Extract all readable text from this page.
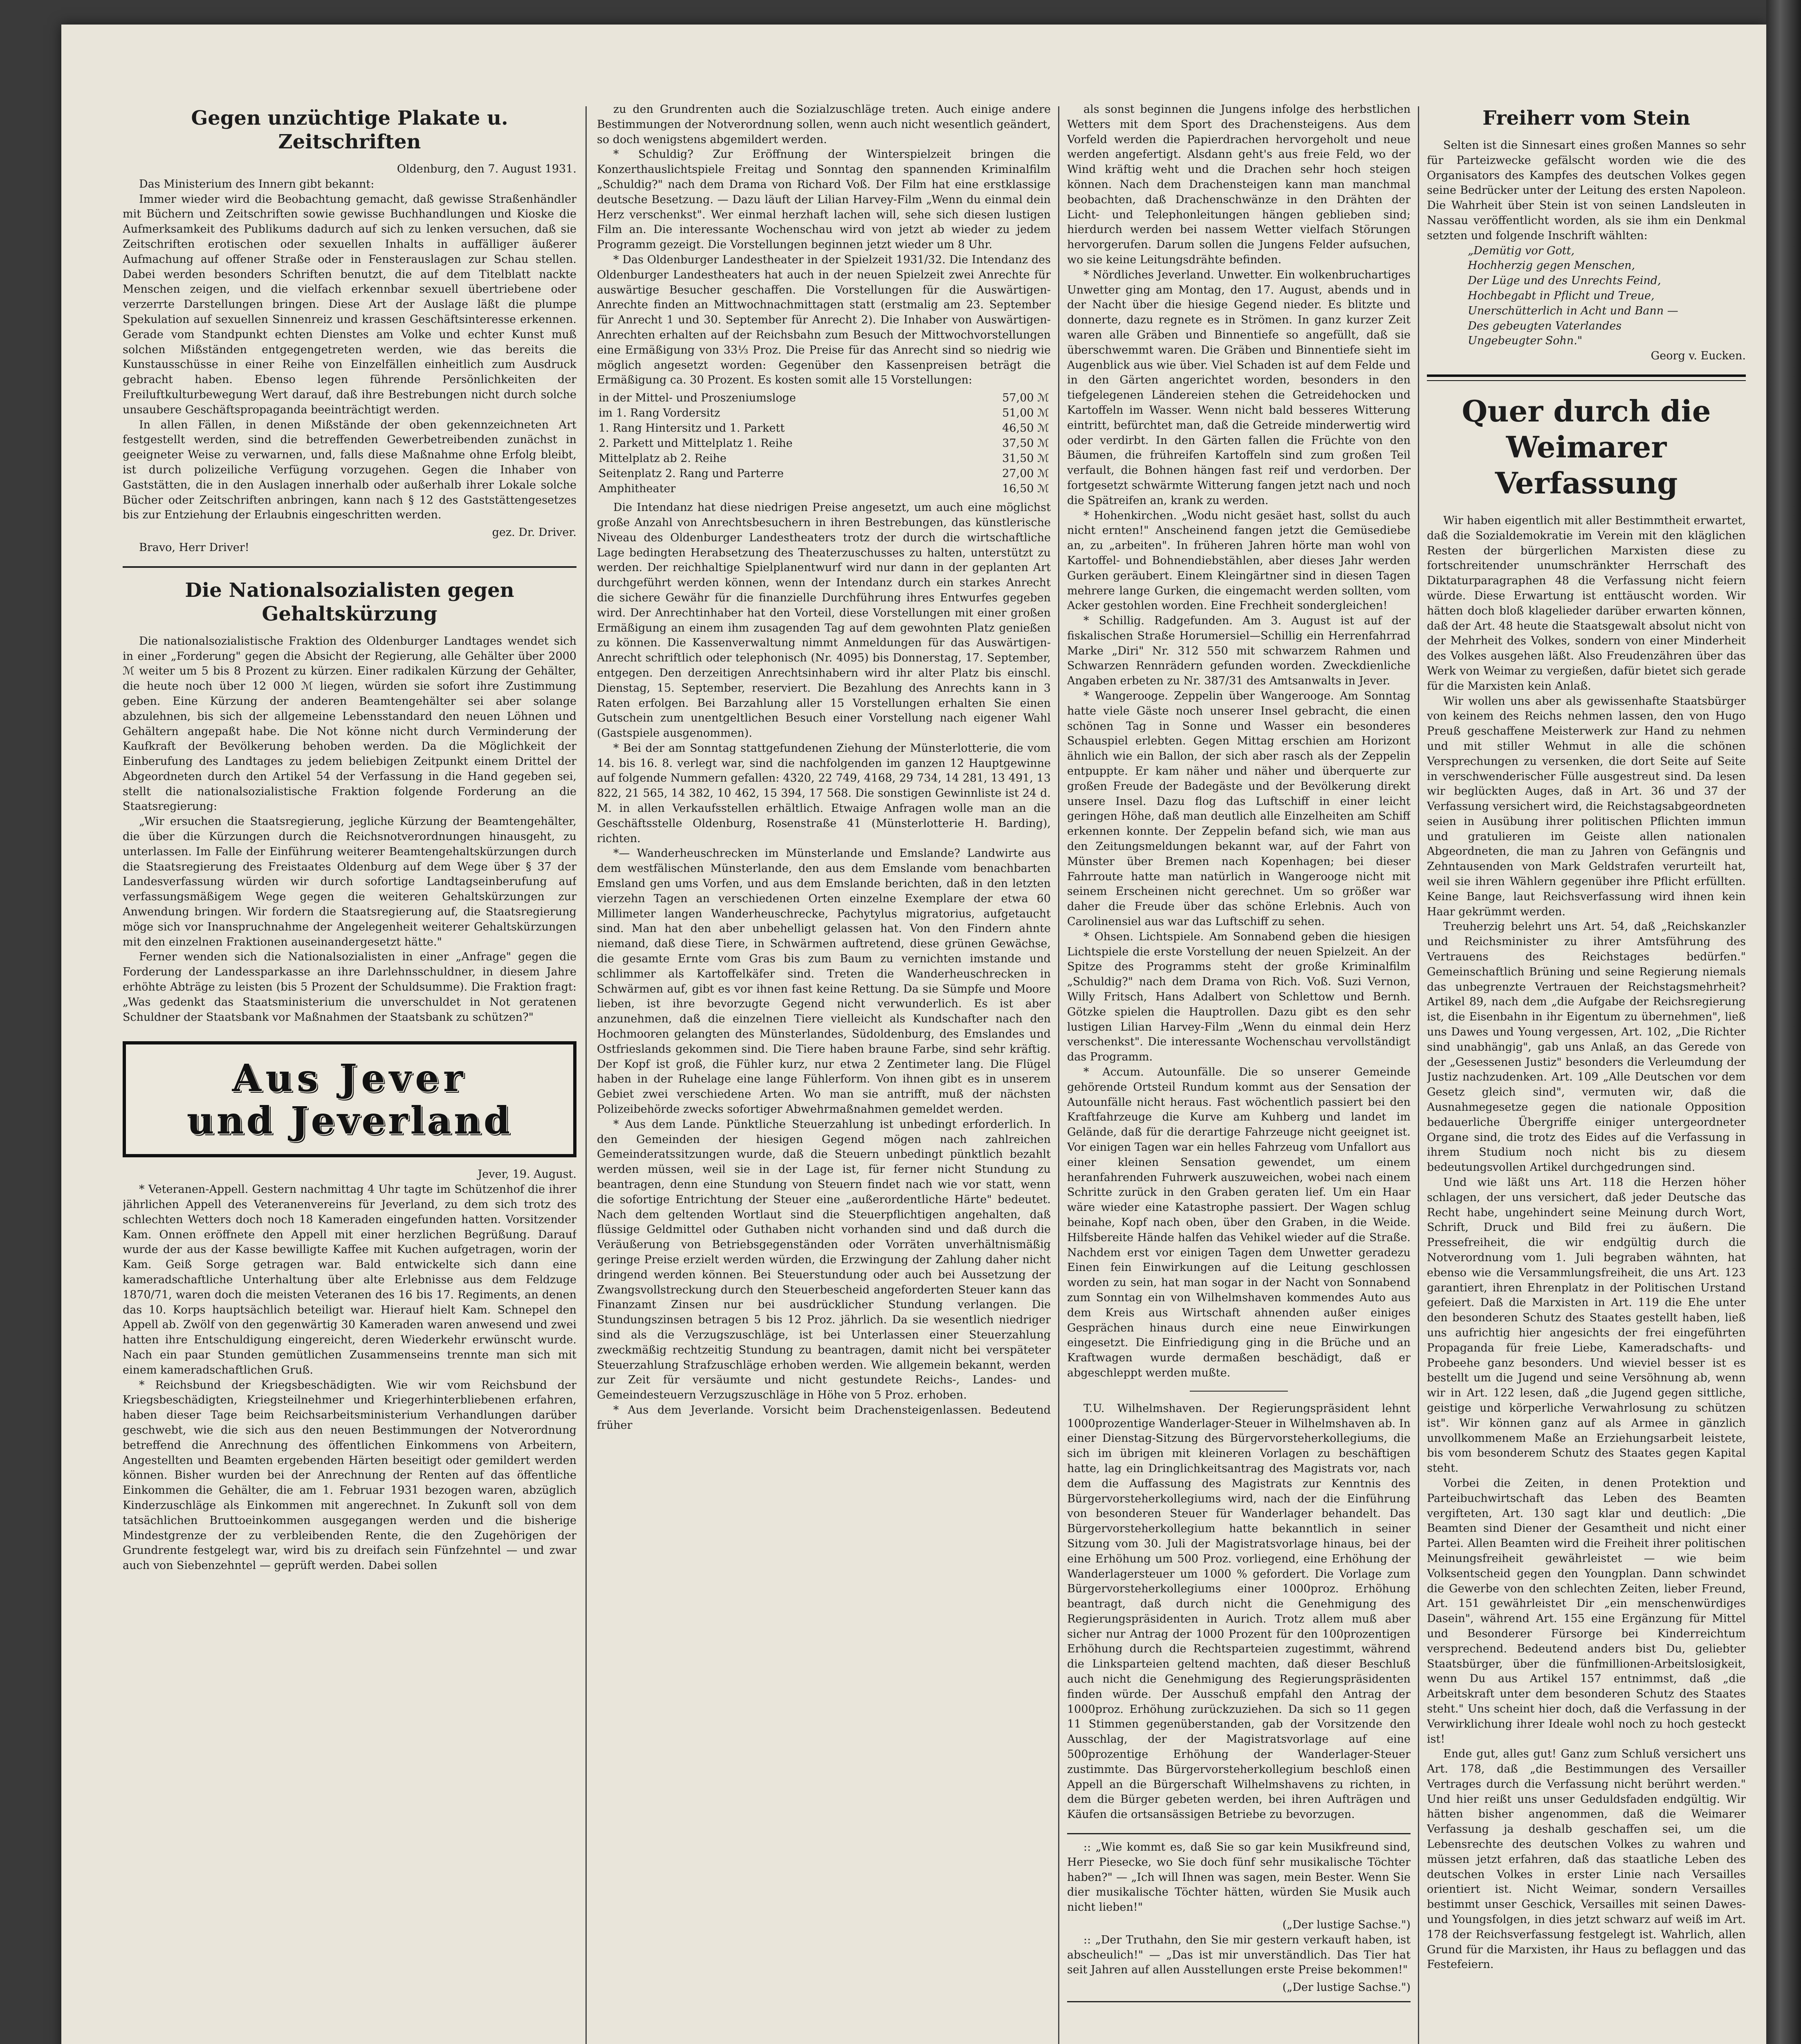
Gegen unzüchtige Plakate u. Zeitschriften

Oldenburg, den 7. August 1931.

Das Ministerium des Innern gibt bekannt:

Immer wieder wird die Beobachtung gemacht, daß gewisse Straßenhändler mit Büchern und Zeitschriften sowie gewisse Buchhandlungen und Kioske die Aufmerksamkeit des Publikums dadurch auf sich zu lenken versuchen, daß sie Zeitschriften erotischen oder sexuellen Inhalts in auffälliger äußerer Aufmachung auf offener Straße oder in Fensterauslagen zur Schau stellen. Dabei werden besonders Schriften benutzt, die auf dem Titelblatt nackte Menschen zeigen, und die vielfach erkennbar sexuell übertriebene oder verzerrte Darstellungen bringen. Diese Art der Auslage läßt die plumpe Spekulation auf sexuellen Sinnenreiz und krassen Geschäftsinteresse erkennen. Gerade vom Standpunkt echten Dienstes am Volke und echter Kunst muß solchen Mißständen entgegengetreten werden, wie das bereits die Kunstausschüsse in einer Reihe von Einzelfällen einheitlich zum Ausdruck gebracht haben. Ebenso legen führende Persönlichkeiten der Freiluftkulturbewegung Wert darauf, daß ihre Bestrebungen nicht durch solche unsaubere Geschäftspropaganda beeinträchtigt werden.

In allen Fällen, in denen Mißstände der oben gekennzeichneten Art festgestellt werden, sind die betreffenden Gewerbetreibenden zunächst in geeigneter Weise zu verwarnen, und, falls diese Maßnahme ohne Erfolg bleibt, ist durch polizeiliche Verfügung vorzugehen. Gegen die Inhaber von Gaststätten, die in den Auslagen innerhalb oder außerhalb ihrer Lokale solche Bücher oder Zeitschriften anbringen, kann nach § 12 des Gaststättengesetzes bis zur Entziehung der Erlaubnis eingeschritten werden.

gez. Dr. Driver.

Bravo, Herr Driver!

Die Nationalsozialisten gegen Gehaltskürzung

Die nationalsozialistische Fraktion des Oldenburger Landtages wendet sich in einer „Forderung" gegen die Absicht der Regierung, alle Gehälter über 2000 ℳ weiter um 5 bis 8 Prozent zu kürzen. Einer radikalen Kürzung der Gehälter, die heute noch über 12 000 ℳ liegen, würden sie sofort ihre Zustimmung geben. Eine Kürzung der anderen Beamtengehälter sei aber solange abzulehnen, bis sich der allgemeine Lebensstandard den neuen Löhnen und Gehältern angepaßt habe. Die Not könne nicht durch Verminderung der Kaufkraft der Bevölkerung behoben werden. Da die Möglichkeit der Einberufung des Landtages zu jedem beliebigen Zeitpunkt einem Drittel der Abgeordneten durch den Artikel 54 der Verfassung in die Hand gegeben sei, stellt die nationalsozialistische Fraktion folgende Forderung an die Staatsregierung:

„Wir ersuchen die Staatsregierung, jegliche Kürzung der Beamtengehälter, die über die Kürzungen durch die Reichsnotverordnungen hinausgeht, zu unterlassen. Im Falle der Einführung weiterer Beamtengehaltskürzungen durch die Staatsregierung des Freistaates Oldenburg auf dem Wege über § 37 der Landesverfassung würden wir durch sofortige Landtagseinberufung auf verfassungsmäßigem Wege gegen die weiteren Gehaltskürzungen zur Anwendung bringen. Wir fordern die Staatsregierung auf, die Staatsregierung möge sich vor Inanspruchnahme der Angelegenheit weiterer Gehaltskürzungen mit den einzelnen Fraktionen auseinandergesetzt hätte."

Ferner wenden sich die Nationalsozialisten in einer „Anfrage" gegen die Forderung der Landessparkasse an ihre Darlehnsschuldner, in diesem Jahre erhöhte Abträge zu leisten (bis 5 Prozent der Schuldsumme). Die Fraktion fragt: „Was gedenkt das Staatsministerium die unverschuldet in Not geratenen Schuldner der Staatsbank vor Maßnahmen der Staatsbank zu schützen?"

Aus Jever
und Jeverland

Jever, 19. August.

* Veteranen-Appell. Gestern nachmittag 4 Uhr tagte im Schützenhof die ihrer jährlichen Appell des Veteranenvereins für Jeverland, zu dem sich trotz des schlechten Wetters doch noch 18 Kameraden eingefunden hatten. Vorsitzender Kam. Onnen eröffnete den Appell mit einer herzlichen Begrüßung. Darauf wurde der aus der Kasse bewilligte Kaffee mit Kuchen aufgetragen, worin der Kam. Geiß Sorge getragen war. Bald entwickelte sich dann eine kameradschaftliche Unterhaltung über alte Erlebnisse aus dem Feldzuge 1870/71, waren doch die meisten Veteranen des 16 bis 17. Regiments, an denen das 10. Korps hauptsächlich beteiligt war. Hierauf hielt Kam. Schnepel den Appell ab. Zwölf von den gegenwärtig 30 Kameraden waren anwesend und zwei hatten ihre Entschuldigung eingereicht, deren Wiederkehr erwünscht wurde. Nach ein paar Stunden gemütlichen Zusammenseins trennte man sich mit einem kameradschaftlichen Gruß.

* Reichsbund der Kriegsbeschädigten. Wie wir vom Reichsbund der Kriegsbeschädigten, Kriegsteilnehmer und Kriegerhinterbliebenen erfahren, haben dieser Tage beim Reichsarbeitsministerium Verhandlungen darüber geschwebt, wie die sich aus den neuen Bestimmungen der Notverordnung betreffend die Anrechnung des öffentlichen Einkommens von Arbeitern, Angestellten und Beamten ergebenden Härten beseitigt oder gemildert werden können. Bisher wurden bei der Anrechnung der Renten auf das öffentliche Einkommen die Gehälter, die am 1. Februar 1931 bezogen waren, abzüglich Kinderzuschläge als Einkommen mit angerechnet. In Zukunft soll von dem tatsächlichen Bruttoeinkommen ausgegangen werden und die bisherige Mindestgrenze der zu verbleibenden Rente, die den Zugehörigen der Grundrente festgelegt war, wird bis zu dreifach sein Fünfzehntel — und zwar auch von Siebenzehntel — geprüft werden. Dabei sollen

zu den Grundrenten auch die Sozialzuschläge treten. Auch einige andere Bestimmungen der Notverordnung sollen, wenn auch nicht wesentlich geändert, so doch wenigstens abgemildert werden.

* Schuldig? Zur Eröffnung der Winterspielzeit bringen die Konzerthauslichtspiele Freitag und Sonntag den spannenden Kriminalfilm „Schuldig?" nach dem Drama von Richard Voß. Der Film hat eine erstklassige deutsche Besetzung. — Dazu läuft der Lilian Harvey-Film „Wenn du einmal dein Herz verschenkst". Wer einmal herzhaft lachen will, sehe sich diesen lustigen Film an. Die interessante Wochenschau wird von jetzt ab wieder zu jedem Programm gezeigt. Die Vorstellungen beginnen jetzt wieder um 8 Uhr.

* Das Oldenburger Landestheater in der Spielzeit 1931/32. Die Intendanz des Oldenburger Landestheaters hat auch in der neuen Spielzeit zwei Anrechte für auswärtige Besucher geschaffen. Die Vorstellungen für die Auswärtigen-Anrechte finden an Mittwochnachmittagen statt (erstmalig am 23. September für Anrecht 1 und 30. September für Anrecht 2). Die Inhaber von Auswärtigen-Anrechten erhalten auf der Reichsbahn zum Besuch der Mittwochvorstellungen eine Ermäßigung von 33⅓ Proz. Die Preise für das Anrecht sind so niedrig wie möglich angesetzt worden: Gegenüber den Kassenpreisen beträgt die Ermäßigung ca. 30 Prozent. Es kosten somit alle 15 Vorstellungen:

in der Mittel- und Proszeniumsloge	57,00 ℳ
im 1. Rang Vordersitz	51,00 ℳ
1. Rang Hintersitz und 1. Parkett	46,50 ℳ
2. Parkett und Mittelplatz 1. Reihe	37,50 ℳ
Mittelplatz ab 2. Reihe	31,50 ℳ
Seitenplatz 2. Rang und Parterre	27,00 ℳ
Amphitheater	16,50 ℳ

Die Intendanz hat diese niedrigen Preise angesetzt, um auch eine möglichst große Anzahl von Anrechtsbesuchern in ihren Bestrebungen, das künstlerische Niveau des Oldenburger Landestheaters trotz der durch die wirtschaftliche Lage bedingten Herabsetzung des Theaterzuschusses zu halten, unterstützt zu werden. Der reichhaltige Spielplanentwurf wird nur dann in der geplanten Art durchgeführt werden können, wenn der Intendanz durch ein starkes Anrecht die sichere Gewähr für die finanzielle Durchführung ihres Entwurfes gegeben wird. Der Anrechtinhaber hat den Vorteil, diese Vorstellungen mit einer großen Ermäßigung an einem ihm zusagenden Tag auf dem gewohnten Platz genießen zu können. Die Kassenverwaltung nimmt Anmeldungen für das Auswärtigen-Anrecht schriftlich oder telephonisch (Nr. 4095) bis Donnerstag, 17. September, entgegen. Den derzeitigen Anrechtsinhabern wird ihr alter Platz bis einschl. Dienstag, 15. September, reserviert. Die Bezahlung des Anrechts kann in 3 Raten erfolgen. Bei Barzahlung aller 15 Vorstellungen erhalten Sie einen Gutschein zum unentgeltlichen Besuch einer Vorstellung nach eigener Wahl (Gastspiele ausgenommen).

* Bei der am Sonntag stattgefundenen Ziehung der Münsterlotterie, die vom 14. bis 16. 8. verlegt war, sind die nachfolgenden im ganzen 12 Hauptgewinne auf folgende Nummern gefallen: 4320, 22 749, 4168, 29 734, 14 281, 13 491, 13 822, 21 565, 14 382, 10 462, 15 394, 17 568. Die sonstigen Gewinnliste ist 24 d. M. in allen Verkaufsstellen erhältlich. Etwaige Anfragen wolle man an die Geschäftsstelle Oldenburg, Rosenstraße 41 (Münsterlotterie H. Barding), richten.

*— Wanderheuschrecken im Münsterlande und Emslande? Landwirte aus dem westfälischen Münsterlande, den aus dem Emslande vom benachbarten Emsland gen ums Vorfen, und aus dem Emslande berichten, daß in den letzten vierzehn Tagen an verschiedenen Orten einzelne Exemplare der etwa 60 Millimeter langen Wanderheuschrecke, Pachytylus migratorius, aufgetaucht sind. Man hat den aber unbehelligt gelassen hat. Von den Findern ahnte niemand, daß diese Tiere, in Schwärmen auftretend, diese grünen Gewächse, die gesamte Ernte vom Gras bis zum Baum zu vernichten imstande und schlimmer als Kartoffelkäfer sind. Treten die Wanderheuschrecken in Schwärmen auf, gibt es vor ihnen fast keine Rettung. Da sie Sümpfe und Moore lieben, ist ihre bevorzugte Gegend nicht verwunderlich. Es ist aber anzunehmen, daß die einzelnen Tiere vielleicht als Kundschafter nach den Hochmooren gelangten des Münsterlandes, Südoldenburg, des Emslandes und Ostfrieslands gekommen sind. Die Tiere haben braune Farbe, sind sehr kräftig. Der Kopf ist groß, die Fühler kurz, nur etwa 2 Zentimeter lang. Die Flügel haben in der Ruhelage eine lange Fühlerform. Von ihnen gibt es in unserem Gebiet zwei verschiedene Arten. Wo man sie antrifft, muß der nächsten Polizeibehörde zwecks sofortiger Abwehrmaßnahmen gemeldet werden.

* Aus dem Lande. Pünktliche Steuerzahlung ist unbedingt erforderlich. In den Gemeinden der hiesigen Gegend mögen nach zahlreichen Gemeinderatssitzungen wurde, daß die Steuern unbedingt pünktlich bezahlt werden müssen, weil sie in der Lage ist, für ferner nicht Stundung zu beantragen, denn eine Stundung von Steuern findet nach wie vor statt, wenn die sofortige Entrichtung der Steuer eine „außerordentliche Härte" bedeutet. Nach dem geltenden Wortlaut sind die Steuerpflichtigen angehalten, daß flüssige Geldmittel oder Guthaben nicht vorhanden sind und daß durch die Veräußerung von Betriebsgegenständen oder Vorräten unverhältnismäßig geringe Preise erzielt werden würden, die Erzwingung der Zahlung daher nicht dringend werden können. Bei Steuerstundung oder auch bei Aussetzung der Zwangsvollstreckung durch den Steuerbescheid angeforderten Steuer kann das Finanzamt Zinsen nur bei ausdrücklicher Stundung verlangen. Die Stundungszinsen betragen 5 bis 12 Proz. jährlich. Da sie wesentlich niedriger sind als die Verzugszuschläge, ist bei Unterlassen einer Steuerzahlung zweckmäßig rechtzeitig Stundung zu beantragen, damit nicht bei verspäteter Steuerzahlung Strafzuschläge erhoben werden. Wie allgemein bekannt, werden zur Zeit für versäumte und nicht gestundete Reichs-, Landes- und Gemeindesteuern Verzugszuschläge in Höhe von 5 Proz. erhoben.

* Aus dem Jeverlande. Vorsicht beim Drachensteigenlassen. Bedeutend früher

als sonst beginnen die Jungens infolge des herbstlichen Wetters mit dem Sport des Drachensteigens. Aus dem Vorfeld werden die Papierdrachen hervorgeholt und neue werden angefertigt. Alsdann geht's aus freie Feld, wo der Wind kräftig weht und die Drachen sehr hoch steigen können. Nach dem Drachensteigen kann man manchmal beobachten, daß Drachenschwänze in den Drähten der Licht- und Telephonleitungen hängen geblieben sind; hierdurch werden bei nassem Wetter vielfach Störungen hervorgerufen. Darum sollen die Jungens Felder aufsuchen, wo sie keine Leitungsdrähte befinden.

* Nördliches Jeverland. Unwetter. Ein wolkenbruchartiges Unwetter ging am Montag, den 17. August, abends und in der Nacht über die hiesige Gegend nieder. Es blitzte und donnerte, dazu regnete es in Strömen. In ganz kurzer Zeit waren alle Gräben und Binnentiefe so angefüllt, daß sie überschwemmt waren. Die Gräben und Binnentiefe sieht im Augenblick aus wie über. Viel Schaden ist auf dem Felde und in den Gärten angerichtet worden, besonders in den tiefgelegenen Ländereien stehen die Getreidehocken und Kartoffeln im Wasser. Wenn nicht bald besseres Witterung eintritt, befürchtet man, daß die Getreide minderwertig wird oder verdirbt. In den Gärten fallen die Früchte von den Bäumen, die frühreifen Kartoffeln sind zum großen Teil verfault, die Bohnen hängen fast reif und verdorben. Der fortgesetzt schwärmte Witterung fangen jetzt nach und noch die Spätreifen an, krank zu werden.

* Hohenkirchen. „Wodu nicht gesäet hast, sollst du auch nicht ernten!" Anscheinend fangen jetzt die Gemüsediebe an, zu „arbeiten". In früheren Jahren hörte man wohl von Kartoffel- und Bohnendiebstählen, aber dieses Jahr werden Gurken geräubert. Einem Kleingärtner sind in diesen Tagen mehrere lange Gurken, die eingemacht werden sollten, vom Acker gestohlen worden. Eine Frechheit sondergleichen!

* Schillig. Radgefunden. Am 3. August ist auf der fiskalischen Straße Horumersiel—Schillig ein Herrenfahrrad Marke „Diri" Nr. 312 550 mit schwarzem Rahmen und Schwarzen Rennrädern gefunden worden. Zweckdienliche Angaben erbeten zu Nr. 387/31 des Amtsanwalts in Jever.

* Wangerooge. Zeppelin über Wangerooge. Am Sonntag hatte viele Gäste noch unserer Insel gebracht, die einen schönen Tag in Sonne und Wasser ein besonderes Schauspiel erlebten. Gegen Mittag erschien am Horizont ähnlich wie ein Ballon, der sich aber rasch als der Zeppelin entpuppte. Er kam näher und näher und überquerte zur großen Freude der Badegäste und der Bevölkerung direkt unsere Insel. Dazu flog das Luftschiff in einer leicht geringen Höhe, daß man deutlich alle Einzelheiten am Schiff erkennen konnte. Der Zeppelin befand sich, wie man aus den Zeitungsmeldungen bekannt war, auf der Fahrt von Münster über Bremen nach Kopenhagen; bei dieser Fahrroute hatte man natürlich in Wangerooge nicht mit seinem Erscheinen nicht gerechnet. Um so größer war daher die Freude über das schöne Erlebnis. Auch von Carolinensiel aus war das Luftschiff zu sehen.

* Ohsen. Lichtspiele. Am Sonnabend geben die hiesigen Lichtspiele die erste Vorstellung der neuen Spielzeit. An der Spitze des Programms steht der große Kriminalfilm „Schuldig?" nach dem Drama von Rich. Voß. Suzi Vernon, Willy Fritsch, Hans Adalbert von Schlettow und Bernh. Götzke spielen die Hauptrollen. Dazu gibt es den sehr lustigen Lilian Harvey-Film „Wenn du einmal dein Herz verschenkst". Die interessante Wochenschau vervollständigt das Programm.

* Accum. Autounfälle. Die so unserer Gemeinde gehörende Ortsteil Rundum kommt aus der Sensation der Autounfälle nicht heraus. Fast wöchentlich passiert bei den Kraftfahrzeuge die Kurve am Kuhberg und landet im Gelände, daß für die derartige Fahrzeuge nicht geeignet ist. Vor einigen Tagen war ein helles Fahrzeug vom Unfallort aus einer kleinen Sensation gewendet, um einem heranfahrenden Fuhrwerk auszuweichen, wobei nach einem Schritte zurück in den Graben geraten lief. Um ein Haar wäre wieder eine Katastrophe passiert. Der Wagen schlug beinahe, Kopf nach oben, über den Graben, in die Weide. Hilfsbereite Hände halfen das Vehikel wieder auf die Straße. Nachdem erst vor einigen Tagen dem Unwetter geradezu Einen fein Einwirkungen auf die Leitung geschlossen worden zu sein, hat man sogar in der Nacht von Sonnabend zum Sonntag ein von Wilhelmshaven kommendes Auto aus dem Kreis aus Wirtschaft ahnenden außer einiges Gesprächen hinaus durch eine neue Einwirkungen eingesetzt. Die Einfriedigung ging in die Brüche und an Kraftwagen wurde dermaßen beschädigt, daß er abgeschleppt werden mußte.

T.U. Wilhelmshaven. Der Regierungspräsident lehnt 1000prozentige Wanderlager-Steuer in Wilhelmshaven ab. In einer Dienstag-Sitzung des Bürgervorsteherkollegiums, die sich im übrigen mit kleineren Vorlagen zu beschäftigen hatte, lag ein Dringlichkeitsantrag des Magistrats vor, nach dem die Auffassung des Magistrats zur Kenntnis des Bürgervorsteherkollegiums wird, nach der die Einführung von besonderen Steuer für Wanderlager behandelt. Das Bürgervorsteherkollegium hatte bekanntlich in seiner Sitzung vom 30. Juli der Magistratsvorlage hinaus, bei der eine Erhöhung um 500 Proz. vorliegend, eine Erhöhung der Wanderlagersteuer um 1000 % gefordert. Die Vorlage zum Bürgervorsteherkollegiums einer 1000proz. Erhöhung beantragt, daß durch nicht die Genehmigung des Regierungspräsidenten in Aurich. Trotz allem muß aber sicher nur Antrag der 1000 Prozent für den 100prozentigen Erhöhung durch die Rechtsparteien zugestimmt, während die Linksparteien geltend machten, daß dieser Beschluß auch nicht die Genehmigung des Regierungspräsidenten finden würde. Der Ausschuß empfahl den Antrag der 1000proz. Erhöhung zurückzuziehen. Da sich so 11 gegen 11 Stimmen gegenüberstanden, gab der Vorsitzende den Ausschlag, der der Magistratsvorlage auf eine 500prozentige Erhöhung der Wanderlager-Steuer zustimmte. Das Bürgervorsteherkollegium beschloß einen Appell an die Bürgerschaft Wilhelmshavens zu richten, in dem die Bürger gebeten werden, bei ihren Aufträgen und Käufen die ortsansässigen Betriebe zu bevorzugen.

:: „Wie kommt es, daß Sie so gar kein Musikfreund sind, Herr Piesecke, wo Sie doch fünf sehr musikalische Töchter haben?" — „Ich will Ihnen was sagen, mein Bester. Wenn Sie dier musikalische Töchter hätten, würden Sie Musik auch nicht lieben!"

(„Der lustige Sachse.")

:: „Der Truthahn, den Sie mir gestern verkauft haben, ist abscheulich!" — „Das ist mir unverständlich. Das Tier hat seit Jahren auf allen Ausstellungen erste Preise bekommen!"

(„Der lustige Sachse.")

Freiherr vom Stein

Selten ist die Sinnesart eines großen Mannes so sehr für Parteizwecke gefälscht worden wie die des Organisators des Kampfes des deutschen Volkes gegen seine Bedrücker unter der Leitung des ersten Napoleon. Die Wahrheit über Stein ist von seinen Landsleuten in Nassau veröffentlicht worden, als sie ihm ein Denkmal setzten und folgende Inschrift wählten:

„Demütig vor Gott,
Hochherzig gegen Menschen,
Der Lüge und des Unrechts Feind,
Hochbegabt in Pflicht und Treue,
Unerschütterlich in Acht und Bann —
Des gebeugten Vaterlandes
Ungebeugter Sohn."

Georg v. Eucken.

Quer durch die Weimarer Verfassung

Wir haben eigentlich mit aller Bestimmtheit erwartet, daß die Sozialdemokratie im Verein mit den kläglichen Resten der bürgerlichen Marxisten diese zu fortschreitender unumschränkter Herrschaft des Diktaturparagraphen 48 die Verfassung nicht feiern würde. Diese Erwartung ist enttäuscht worden. Wir hätten doch bloß klagelieder darüber erwarten können, daß der Art. 48 heute die Staatsgewalt absolut nicht von der Mehrheit des Volkes, sondern von einer Minderheit des Volkes ausgehen läßt. Also Freudenzähren über das Werk von Weimar zu vergießen, dafür bietet sich gerade für die Marxisten kein Anlaß.

Wir wollen uns aber als gewissenhafte Staatsbürger von keinem des Reichs nehmen lassen, den von Hugo Preuß geschaffene Meisterwerk zur Hand zu nehmen und mit stiller Wehmut in alle die schönen Versprechungen zu versenken, die dort Seite auf Seite in verschwenderischer Fülle ausgestreut sind. Da lesen wir beglückten Auges, daß in Art. 36 und 37 der Verfassung versichert wird, die Reichstagsabgeordneten seien in Ausübung ihrer politischen Pflichten immun und gratulieren im Geiste allen nationalen Abgeordneten, die man zu Jahren von Gefängnis und Zehntausenden von Mark Geldstrafen verurteilt hat, weil sie ihren Wählern gegenüber ihre Pflicht erfüllten. Keine Bange, laut Reichsverfassung wird ihnen kein Haar gekrümmt werden.

Treuherzig belehrt uns Art. 54, daß „Reichskanzler und Reichsminister zu ihrer Amtsführung des Vertrauens des Reichstages bedürfen." Gemeinschaftlich Brüning und seine Regierung niemals das unbegrenzte Vertrauen der Reichstagsmehrheit? Artikel 89, nach dem „die Aufgabe der Reichsregierung ist, die Eisenbahn in ihr Eigentum zu übernehmen", ließ uns Dawes und Young vergessen, Art. 102, „Die Richter sind unabhängig", gab uns Anlaß, an das Gerede von der „Gesessenen Justiz" besonders die Verleumdung der Justiz nachzudenken. Art. 109 „Alle Deutschen vor dem Gesetz gleich sind", vermuten wir, daß die Ausnahmegesetze gegen die nationale Opposition bedauerliche Übergriffe einiger untergeordneter Organe sind, die trotz des Eides auf die Verfassung in ihrem Studium noch nicht bis zu diesem bedeutungsvollen Artikel durchgedrungen sind.

Und wie läßt uns Art. 118 die Herzen höher schlagen, der uns versichert, daß jeder Deutsche das Recht habe, ungehindert seine Meinung durch Wort, Schrift, Druck und Bild frei zu äußern. Die Pressefreiheit, die wir endgültig durch die Notverordnung vom 1. Juli begraben wähnten, hat ebenso wie die Versammlungsfreiheit, die uns Art. 123 garantiert, ihren Ehrenplatz in der Politischen Urstand gefeiert. Daß die Marxisten in Art. 119 die Ehe unter den besonderen Schutz des Staates gestellt haben, ließ uns aufrichtig hier angesichts der frei eingeführten Propaganda für freie Liebe, Kameradschafts- und Probeehe ganz besonders. Und wieviel besser ist es bestellt um die Jugend und seine Versöhnung ab, wenn wir in Art. 122 lesen, daß „die Jugend gegen sittliche, geistige und körperliche Verwahrlosung zu schützen ist". Wir können ganz auf als Armee in gänzlich unvollkommenem Maße an Erziehungsarbeit leistete, bis vom besonderem Schutz des Staates gegen Kapital steht.

Vorbei die Zeiten, in denen Protektion und Parteibuchwirtschaft das Leben des Beamten vergifteten, Art. 130 sagt klar und deutlich: „Die Beamten sind Diener der Gesamtheit und nicht einer Partei. Allen Beamten wird die Freiheit ihrer politischen Meinungsfreiheit gewährleistet — wie beim Volksentscheid gegen den Youngplan. Dann schwindet die Gewerbe von den schlechten Zeiten, lieber Freund, Art. 151 gewährleistet Dir „ein menschenwürdiges Dasein", während Art. 155 eine Ergänzung für Mittel und Besonderer Fürsorge bei Kinderreichtum versprechend. Bedeutend anders bist Du, geliebter Staatsbürger, über die fünfmillionen-Arbeitslosigkeit, wenn Du aus Artikel 157 entnimmst, daß „die Arbeitskraft unter dem besonderen Schutz des Staates steht." Uns scheint hier doch, daß die Verfassung in der Verwirklichung ihrer Ideale wohl noch zu hoch gesteckt ist!

Ende gut, alles gut! Ganz zum Schluß versichert uns Art. 178, daß „die Bestimmungen des Versailler Vertrages durch die Verfassung nicht berührt werden." Und hier reißt uns unser Geduldsfaden endgültig. Wir hätten bisher angenommen, daß die Weimarer Verfassung ja deshalb geschaffen sei, um die Lebensrechte des deutschen Volkes zu wahren und müssen jetzt erfahren, daß das staatliche Leben des deutschen Volkes in erster Linie nach Versailles orientiert ist. Nicht Weimar, sondern Versailles bestimmt unser Geschick, Versailles mit seinen Dawes- und Youngsfolgen, in dies jetzt schwarz auf weiß im Art. 178 der Reichsverfassung festgelegt ist. Wahrlich, allen Grund für die Marxisten, ihr Haus zu beflaggen und das Festefeiern.
